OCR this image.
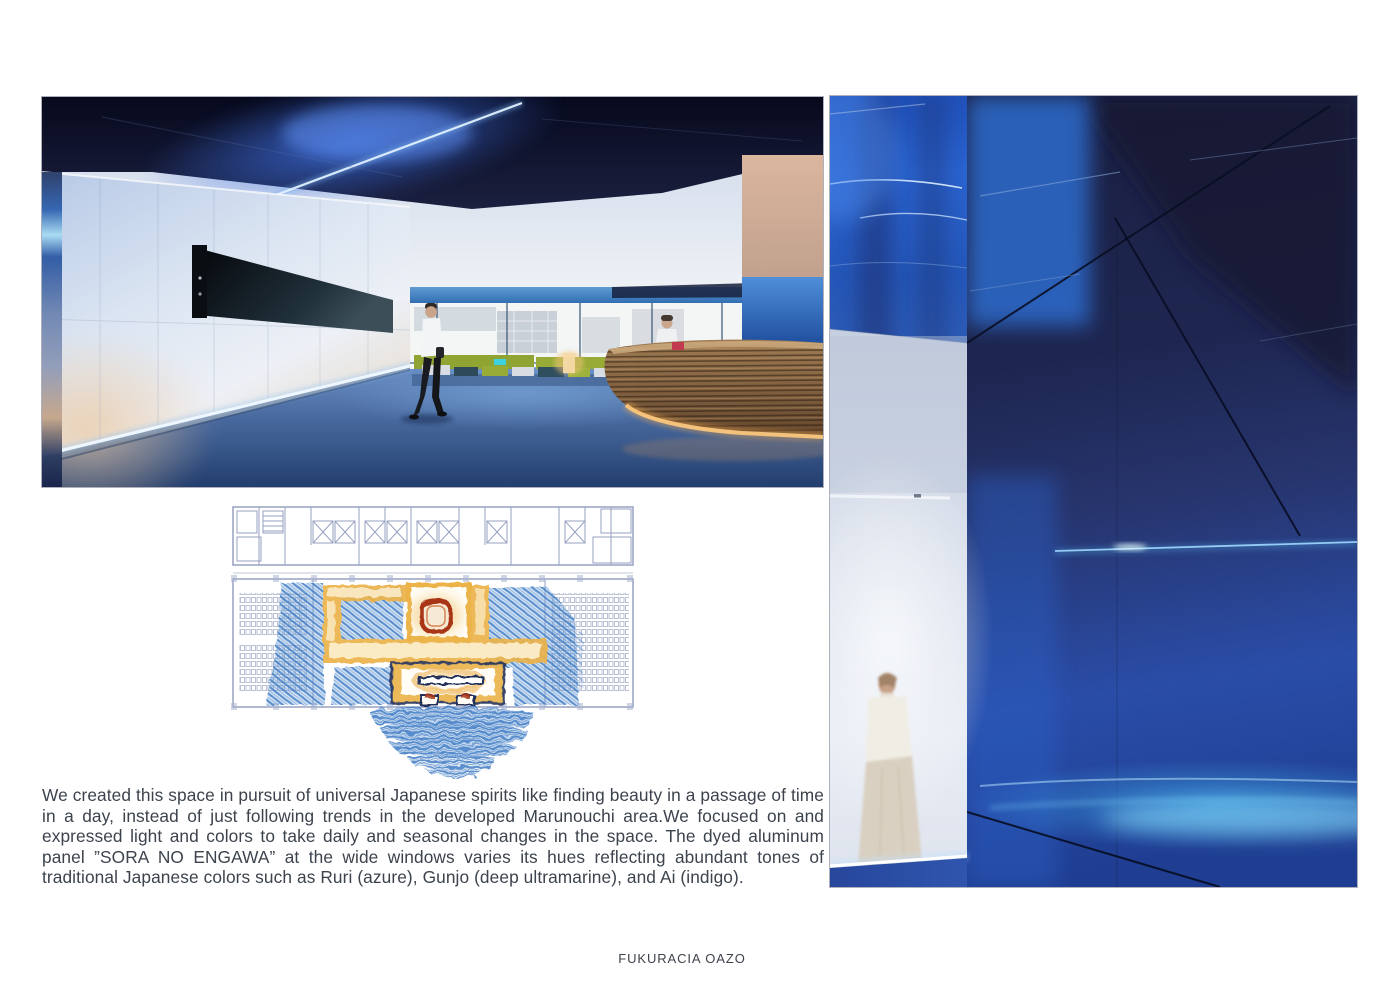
We created this space in pursuit of universal Japanese spirits like finding beauty in a passage of time in a day, instead of just following trends in the developed Marunouchi area.We focused on and expressed light and colors to take daily and seasonal changes in the space. The dyed aluminum panel ”SORA NO ENGAWA” at the wide windows varies its hues reflecting abundant tones of traditional Japanese colors such as Ruri (azure), Gunjo (deep ultramarine), and Ai (indigo).

FUKURACIA OAZO
